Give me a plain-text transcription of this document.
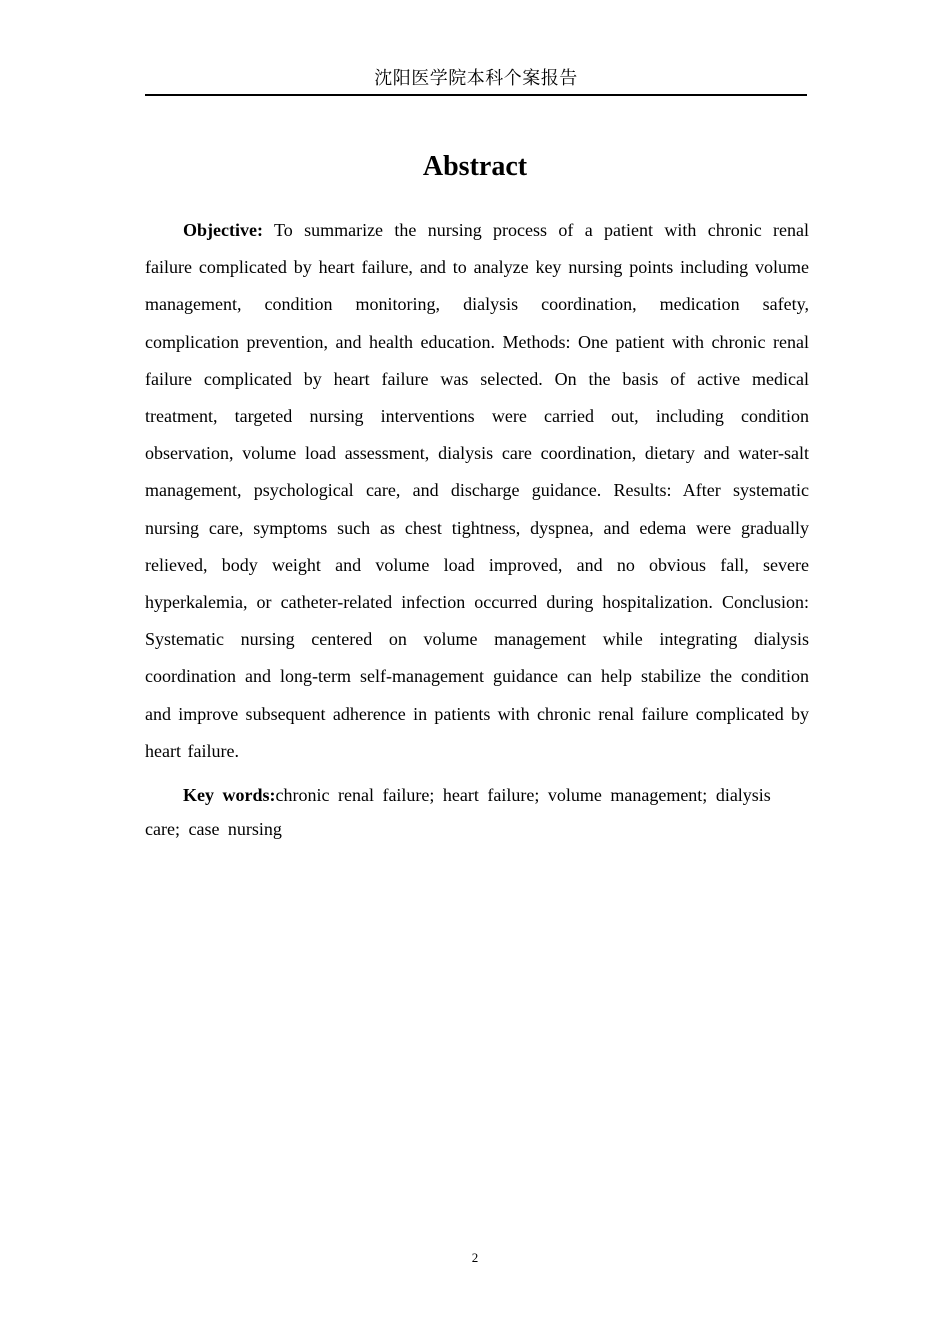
沈阳医学院本科个案报告
Abstract

Objective: To summarize the nursing process of a patient with chronic renal failure complicated by heart failure, and to analyze key nursing points including volume management, condition monitoring, dialysis coordination, medication safety, complication prevention, and health education. Methods: One patient with chronic renal failure complicated by heart failure was selected. On the basis of active medical treatment, targeted nursing interventions were carried out, including condition observation, volume load assessment, dialysis care coordination, dietary and water-salt management, psychological care, and discharge guidance. Results: After systematic nursing care, symptoms such as chest tightness, dyspnea, and edema were gradually relieved, body weight and volume load improved, and no obvious fall, severe hyperkalemia, or catheter-related infection occurred during hospitalization. Conclusion: Systematic nursing centered on volume management while integrating dialysis coordination and long-term self-management guidance can help stabilize the condition and improve subsequent adherence in patients with chronic renal failure complicated by heart failure.

Key words:chronic renal failure; heart failure; volume management; dialysis care; case nursing

2
